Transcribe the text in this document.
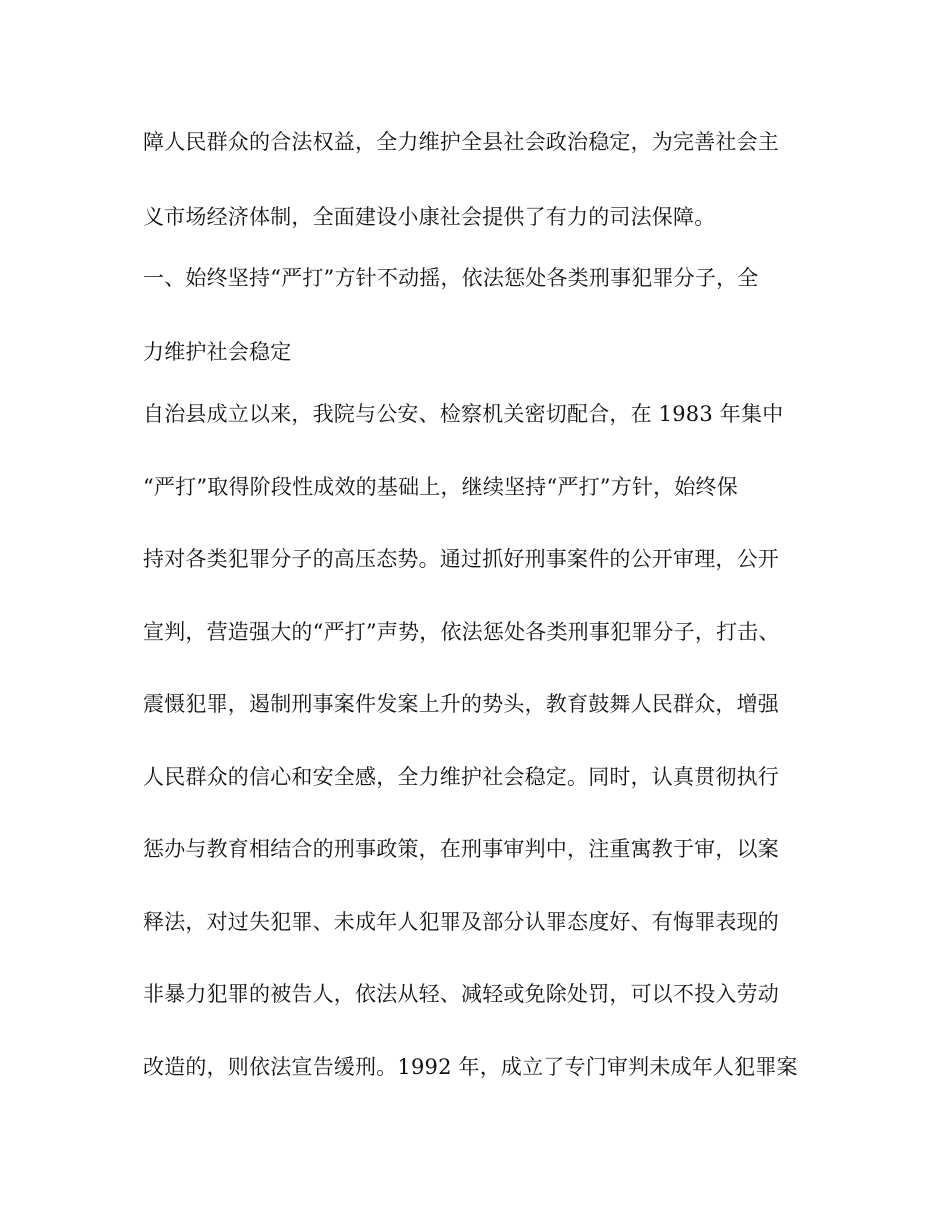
障人民群众的合法权益，全力维护全县社会政治稳定，为完善社会主
义市场经济体制，全面建设小康社会提供了有力的司法保障。
一、始终坚持“严打”方针不动摇，依法惩处各类刑事犯罪分子，全
力维护社会稳定
自治县成立以来，我院与公安、检察机关密切配合，在 1983 年集中
“严打”取得阶段性成效的基础上，继续坚持“严打”方针，始终保
持对各类犯罪分子的高压态势。通过抓好刑事案件的公开审理，公开
宣判，营造强大的“严打”声势，依法惩处各类刑事犯罪分子，打击、
震慑犯罪，遏制刑事案件发案上升的势头，教育鼓舞人民群众，增强
人民群众的信心和安全感，全力维护社会稳定。同时，认真贯彻执行
惩办与教育相结合的刑事政策，在刑事审判中，注重寓教于审，以案
释法，对过失犯罪、未成年人犯罪及部分认罪态度好、有悔罪表现的
非暴力犯罪的被告人，依法从轻、减轻或免除处罚，可以不投入劳动
改造的，则依法宣告缓刑。1992 年，成立了专门审判未成年人犯罪案
